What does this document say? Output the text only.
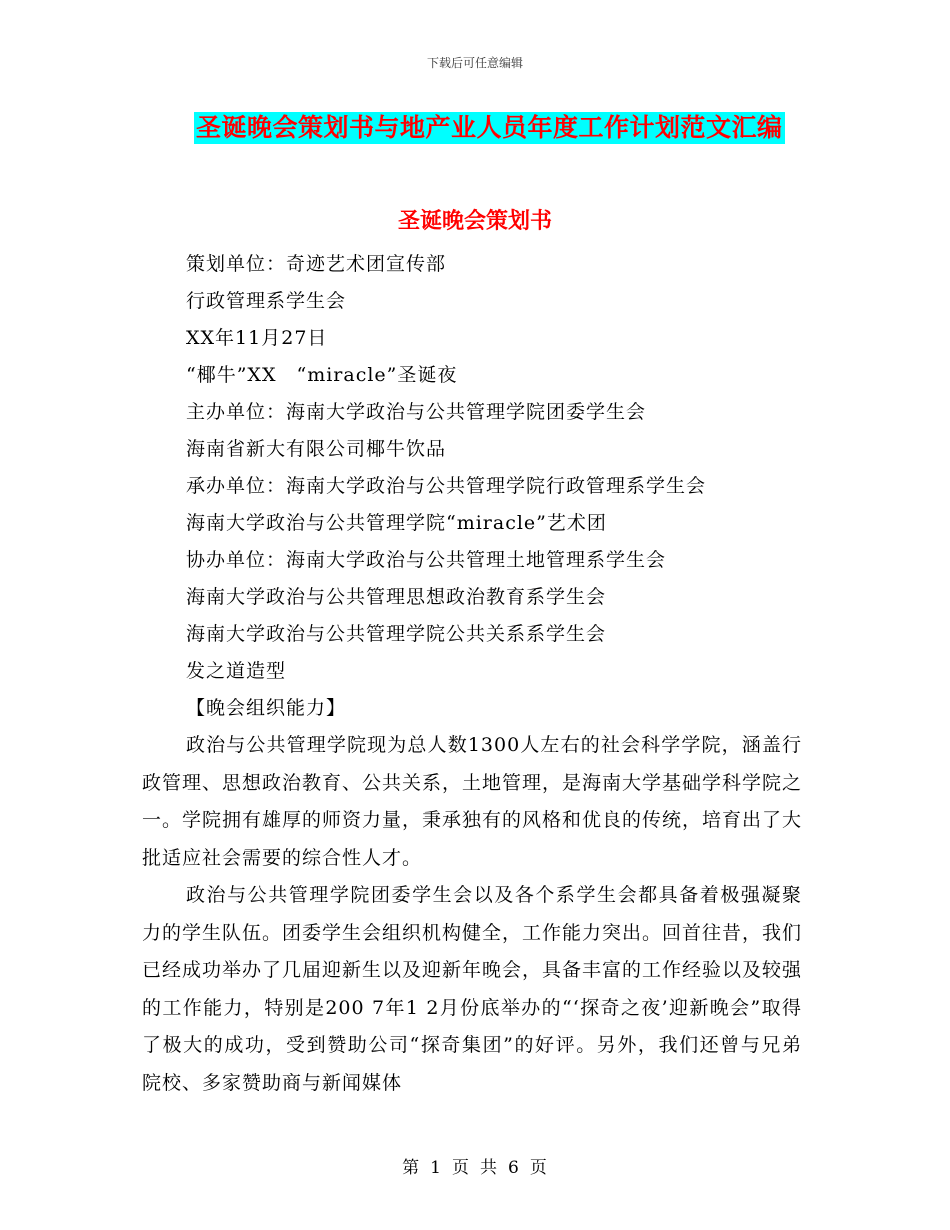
下载后可任意编辑
圣诞晚会策划书与地产业人员年度工作计划范文汇编
圣诞晚会策划书
策划单位：奇迹艺术团宣传部
行政管理系学生会
XX年11月27日
“椰牛”XX　“miracle”圣诞夜
主办单位：海南大学政治与公共管理学院团委学生会
海南省新大有限公司椰牛饮品
承办单位：海南大学政治与公共管理学院行政管理系学生会
海南大学政治与公共管理学院“miracle”艺术团
协办单位：海南大学政治与公共管理土地管理系学生会
海南大学政治与公共管理思想政治教育系学生会
海南大学政治与公共管理学院公共关系系学生会
发之道造型
【晚会组织能力】
政治与公共管理学院现为总人数1300人左右的社会科学学院，涵盖行政管理、思想政治教育、公共关系，土地管理，是海南大学基础学科学院之一。学院拥有雄厚的师资力量，秉承独有的风格和优良的传统，培育出了大批适应社会需要的综合性人才。
政治与公共管理学院团委学生会以及各个系学生会都具备着极强凝聚力的学生队伍。团委学生会组织机构健全，工作能力突出。回首往昔，我们已经成功举办了几届迎新生以及迎新年晚会，具备丰富的工作经验以及较强的工作能力，特别是200 7年1 2月份底举办的“‘探奇之夜’迎新晚会”取得了极大的成功，受到赞助公司“探奇集团”的好评。另外，我们还曾与兄弟院校、多家赞助商与新闻媒体
第 1 页 共 6 页
